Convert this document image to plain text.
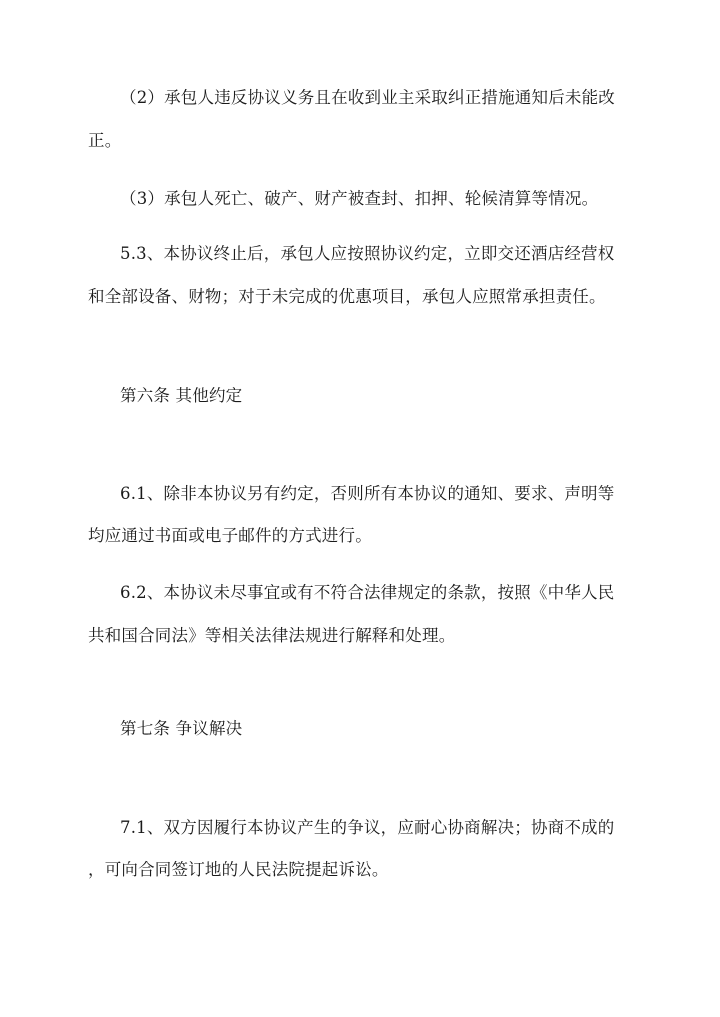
（2）承包人违反协议义务且在收到业主采取纠正措施通知后未能改
正。
（3）承包人死亡、破产、财产被查封、扣押、轮候清算等情况。
5.3、本协议终止后，承包人应按照协议约定，立即交还酒店经营权
和全部设备、财物；对于未完成的优惠项目，承包人应照常承担责任。
第六条 其他约定
6.1、除非本协议另有约定，否则所有本协议的通知、要求、声明等
均应通过书面或电子邮件的方式进行。
6.2、本协议未尽事宜或有不符合法律规定的条款，按照《中华人民
共和国合同法》等相关法律法规进行解释和处理。
第七条 争议解决
7.1、双方因履行本协议产生的争议，应耐心协商解决；协商不成的
，可向合同签订地的人民法院提起诉讼。
